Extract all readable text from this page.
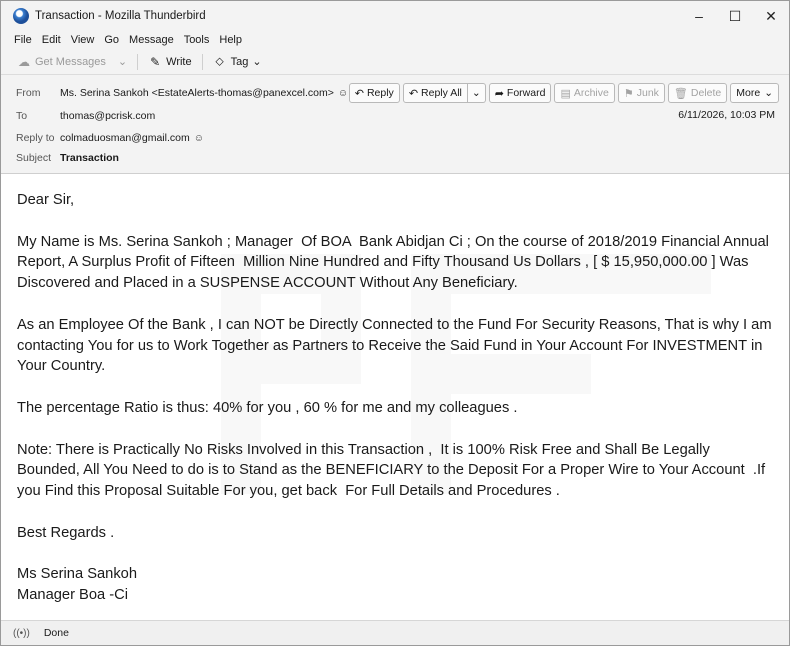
Transaction - Mozilla Thunderbird	–	☐	✕
File Edit View Go Message Tools Help
☁ Get Messages ⌄ ✎ Write ⬦ Tag ⌄
From	Ms. Serina Sankoh <EstateAlerts-thomas@panexcel.com> ☺
To	thomas@pcrisk.com
Reply to colmaduosman@gmail.com ☺
Subject Transaction
↶ Reply ↶ Reply All ⌄ ➦ Forward ▤ Archive ⚑ Junk 🗑 Delete More ⌄
6/11/2026, 10:03 PM

Dear Sir,

My Name is Ms. Serina Sankoh ; Manager  Of BOA  Bank Abidjan Ci ; On the course of 2018/2019 Financial Annual Report, A Surplus Profit of Fifteen  Million Nine Hundred and Fifty Thousand Us Dollars , [ $ 15,950,000.00 ] Was Discovered and Placed in a SUSPENSE ACCOUNT Without Any Beneficiary.

As an Employee Of the Bank , I can NOT be Directly Connected to the Fund For Security Reasons, That is why I am contacting You for us to Work Together as Partners to Receive the Said Fund in Your Account For INVESTMENT in Your Country.

The percentage Ratio is thus: 40% for you , 60 % for me and my colleagues .

Note: There is Practically No Risks Involved in this Transaction ,  It is 100% Risk Free and Shall Be Legally Bounded, All You Need to do is to Stand as the BENEFICIARY to the Deposit For a Proper Wire to Your Account  .If you Find this Proposal Suitable For you, get back  For Full Details and Procedures .

Best Regards .

Ms Serina Sankoh
Manager Boa -Ci
((•)) Done
